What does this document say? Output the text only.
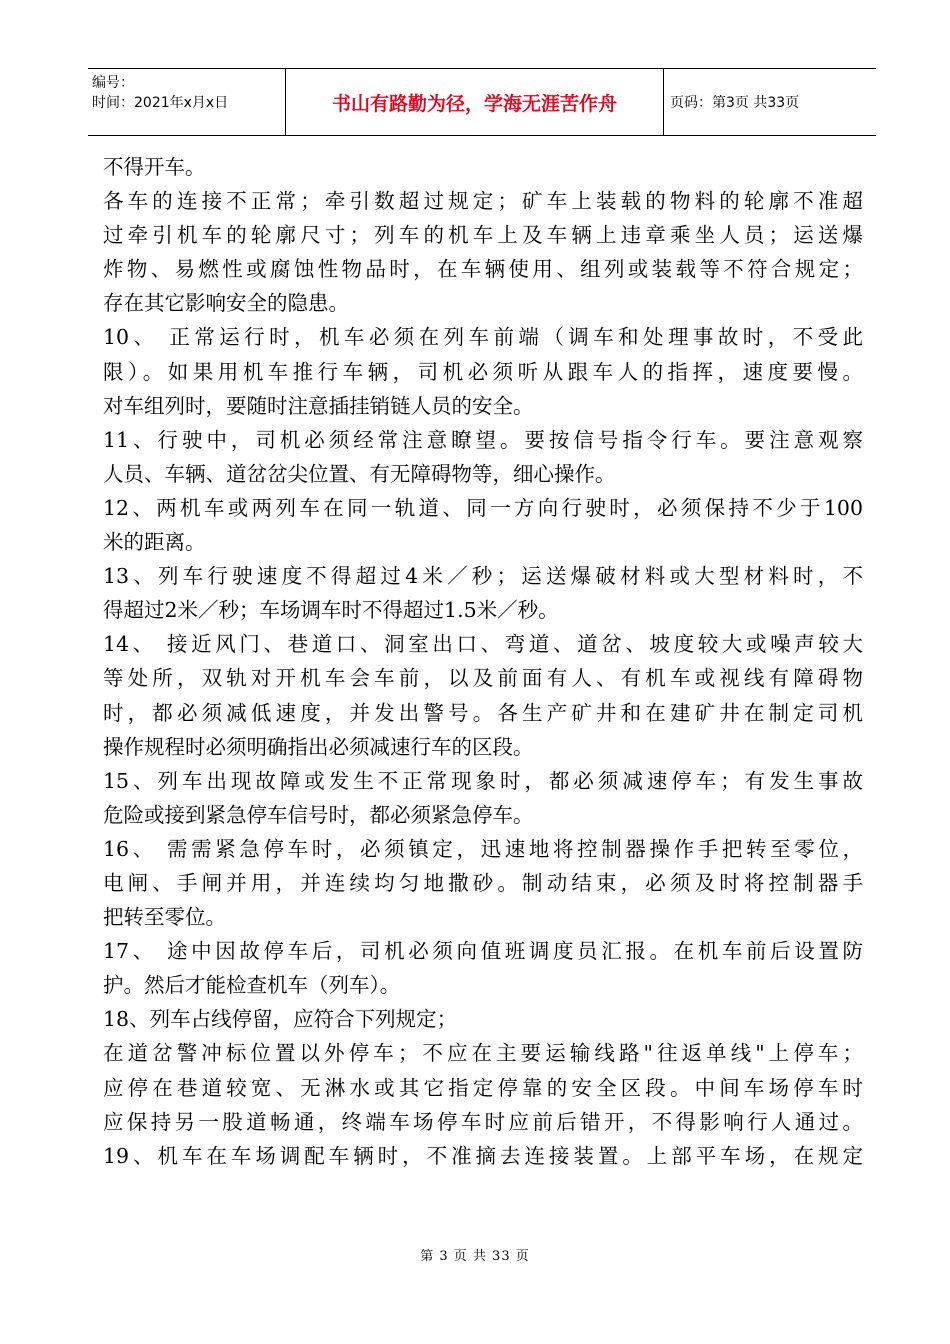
编号：
时间：2021年x月x日	书山有路勤为径，学海无涯苦作舟	页码：第3页 共33页
不得开车。
各车的连接不正常；牵引数超过规定；矿车上装载的物料的轮廓不准超
过牵引机车的轮廓尺寸；列车的机车上及车辆上违章乘坐人员；运送爆
炸物、易燃性或腐蚀性物品时，在车辆使用、组列或装载等不符合规定；
存在其它影响安全的隐患。
10、 正常运行时，机车必须在列车前端（调车和处理事故时，不受此
限）。如果用机车推行车辆，司机必须听从跟车人的指挥，速度要慢。
对车组列时，要随时注意插挂销链人员的安全。
11、行驶中，司机必须经常注意瞭望。要按信号指令行车。要注意观察
人员、车辆、道岔岔尖位置、有无障碍物等，细心操作。
12、两机车或两列车在同一轨道、同一方向行驶时，必须保持不少于100
米的距离。
13、列车行驶速度不得超过4米／秒；运送爆破材料或大型材料时，不
得超过2米／秒；车场调车时不得超过1.5米／秒。
14、 接近风门、巷道口、洞室出口、弯道、道岔、坡度较大或噪声较大
等处所，双轨对开机车会车前，以及前面有人、有机车或视线有障碍物
时，都必须减低速度，并发出警号。各生产矿井和在建矿井在制定司机
操作规程时必须明确指出必须减速行车的区段。
15、列车出现故障或发生不正常现象时，都必须减速停车；有发生事故
危险或接到紧急停车信号时，都必须紧急停车。
16、 需需紧急停车时，必须镇定，迅速地将控制器操作手把转至零位，
电闸、手闸并用，并连续均匀地撒砂。制动结束，必须及时将控制器手
把转至零位。
17、 途中因故停车后，司机必须向值班调度员汇报。在机车前后设置防
护。然后才能检查机车（列车）。
18、列车占线停留，应符合下列规定；
在道岔警冲标位置以外停车；不应在主要运输线路"往返单线"上停车；
应停在巷道较宽、无淋水或其它指定停靠的安全区段。中间车场停车时
应保持另一股道畅通，终端车场停车时应前后错开，不得影响行人通过。
19、机车在车场调配车辆时，不准摘去连接装置。上部平车场，在规定
第 3 页 共 33 页
